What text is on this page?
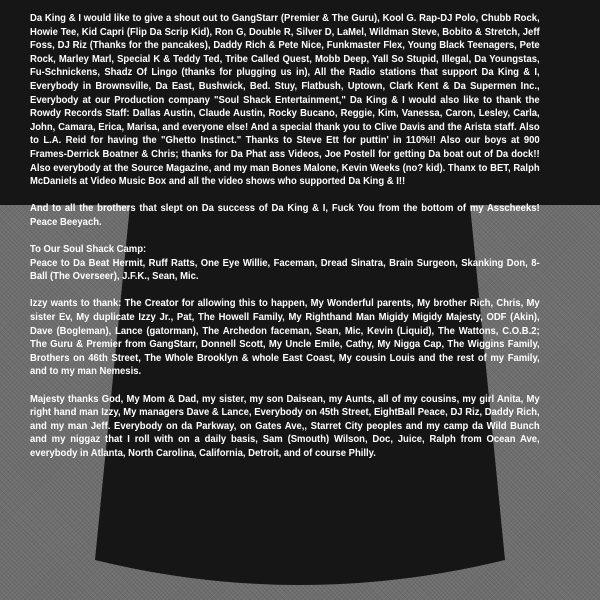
Da King & I would like to give a shout out to GangStarr (Premier & The Guru), Kool G. Rap-DJ Polo, Chubb Rock, Howie Tee, Kid Capri (Flip Da Scrip Kid), Ron G, Double R, Silver D, LaMel, Wildman Steve, Bobito & Stretch, Jeff Foss, DJ Riz (Thanks for the pancakes), Daddy Rich & Pete Nice, Funkmaster Flex, Young Black Teenagers, Pete Rock, Marley Marl, Special K & Teddy Ted, Tribe Called Quest, Mobb Deep, Yall So Stupid, Illegal, Da Youngstas, Fu-Schnickens, Shadz Of Lingo (thanks for plugging us in), All the Radio stations that support Da King & I, Everybody in Brownsville, Da East, Bushwick, Bed. Stuy, Flatbush, Uptown, Clark Kent & Da Supermen Inc., Everybody at our Production company "Soul Shack Entertainment," Da King & I would also like to thank the Rowdy Records Staff: Dallas Austin, Claude Austin, Rocky Bucano, Reggie, Kim, Vanessa, Caron, Lesley, Carla, John, Camara, Erica, Marisa, and everyone else! And a special thank you to Clive Davis and the Arista staff. Also to L.A. Reid for having the "Ghetto Instinct." Thanks to Steve Ett for puttin' in 110%!! Also our boys at 900 Frames-Derrick Boatner & Chris; thanks for Da Phat ass Videos, Joe Postell for getting Da boat out of Da dock!! Also everybody at the Source Magazine, and my man Bones Malone, Kevin Weeks (no? kid). Thanx to BET, Ralph McDaniels at Video Music Box and all the video shows who supported Da King & I!!

And to all the brothers that slept on Da success of Da King & I, Fuck You from the bottom of my Asscheeks! Peace Beeyach.

To Our Soul Shack Camp:

Peace to Da Beat Hermit, Ruff Ratts, One Eye Willie, Faceman, Dread Sinatra, Brain Surgeon, Skanking Don, 8-Ball (The Overseer), J.F.K., Sean, Mic.

Izzy wants to thank: The Creator for allowing this to happen, My Wonderful parents, My brother Rich, Chris, My sister Ev, My duplicate Izzy Jr., Pat, The Howell Family, My Righthand Man Migidy Migidy Majesty, ODF (Akin), Dave (Bogleman), Lance (gatorman), The Archedon faceman, Sean, Mic, Kevin (Liquid), The Wattons, C.O.B.2; The Guru & Premier from GangStarr, Donnell Scott, My Uncle Emile, Cathy, My Nigga Cap, The Wiggins Family, Brothers on 46th Street, The Whole Brooklyn & whole East Coast, My cousin Louis and the rest of my Family, and to my man Nemesis.

Majesty thanks God, My Mom & Dad, my sister, my son Daisean, my Aunts, all of my cousins, my girl Anita, My right hand man Izzy, My managers Dave & Lance, Everybody on 45th Street, EightBall Peace, DJ Riz, Daddy Rich, and my man Jeff. Everybody on da Parkway, on Gates Ave,, Starret City peoples and my camp da Wild Bunch and my niggaz that I roll with on a daily basis, Sam (Smouth) Wilson, Doc, Juice, Ralph from Ocean Ave, everybody in Atlanta, North Carolina, California, Detroit, and of course Philly.
